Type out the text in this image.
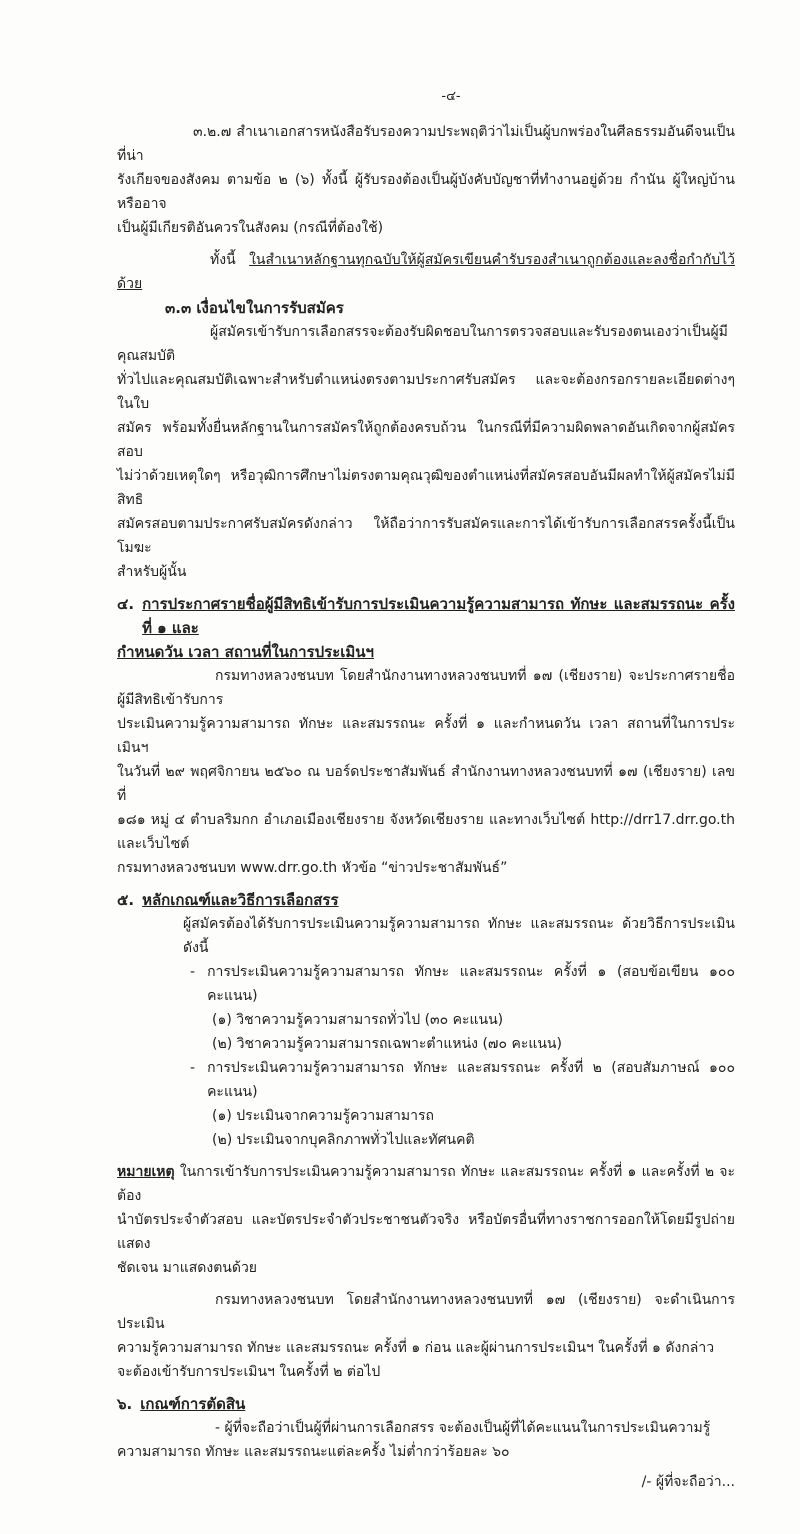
-๔-
๓.๒.๗ สำเนาเอกสารหนังสือรับรองความประพฤติว่าไม่เป็นผู้บกพร่องในศีลธรรมอันดีจนเป็นที่น่า
รังเกียจของสังคม ตามข้อ ๒ (๖) ทั้งนี้ ผู้รับรองต้องเป็นผู้บังคับบัญชาที่ทำงานอยู่ด้วย กำนัน ผู้ใหญ่บ้าน หรืออาจ
เป็นผู้มีเกียรติอันควรในสังคม (กรณีที่ต้องใช้)
ทั้งนี้ ในสำเนาหลักฐานทุกฉบับให้ผู้สมัครเขียนคำรับรองสำเนาถูกต้องและลงชื่อกำกับไว้ด้วย
๓.๓ เงื่อนไขในการรับสมัคร
ผู้สมัครเข้ารับการเลือกสรรจะต้องรับผิดชอบในการตรวจสอบและรับรองตนเองว่าเป็นผู้มีคุณสมบัติ
ทั่วไปและคุณสมบัติเฉพาะสำหรับตำแหน่งตรงตามประกาศรับสมัคร และจะต้องกรอกรายละเอียดต่างๆ ในใบ
สมัคร พร้อมทั้งยื่นหลักฐานในการสมัครให้ถูกต้องครบถ้วน ในกรณีที่มีความผิดพลาดอันเกิดจากผู้สมัครสอบ
ไม่ว่าด้วยเหตุใดๆ หรือวุฒิการศึกษาไม่ตรงตามคุณวุฒิของตำแหน่งที่สมัครสอบอันมีผลทำให้ผู้สมัครไม่มีสิทธิ
สมัครสอบตามประกาศรับสมัครดังกล่าว ให้ถือว่าการรับสมัครและการได้เข้ารับการเลือกสรรครั้งนี้เป็นโมฆะ
สำหรับผู้นั้น
๔. การประกาศรายชื่อผู้มีสิทธิเข้ารับการประเมินความรู้ความสามารถ ทักษะ และสมรรถนะ ครั้งที่ ๑ และ
กำหนดวัน เวลา สถานที่ในการประเมินฯ
กรมทางหลวงชนบท โดยสำนักงานทางหลวงชนบทที่ ๑๗ (เชียงราย) จะประกาศรายชื่อผู้มีสิทธิเข้ารับการ
ประเมินความรู้ความสามารถ ทักษะ และสมรรถนะ ครั้งที่ ๑ และกำหนดวัน เวลา สถานที่ในการประเมินฯ
ในวันที่ ๒๙ พฤศจิกายน ๒๕๖๐ ณ บอร์ดประชาสัมพันธ์ สำนักงานทางหลวงชนบทที่ ๑๗ (เชียงราย) เลขที่
๑๘๑ หมู่ ๔ ตำบลริมกก อำเภอเมืองเชียงราย จังหวัดเชียงราย และทางเว็บไซต์ http://drr17.drr.go.th และเว็บไซต์
กรมทางหลวงชนบท www.drr.go.th หัวข้อ “ข่าวประชาสัมพันธ์”
๕. หลักเกณฑ์และวิธีการเลือกสรร
ผู้สมัครต้องได้รับการประเมินความรู้ความสามารถ ทักษะ และสมรรถนะ ด้วยวิธีการประเมิน ดังนี้
- การประเมินความรู้ความสามารถ ทักษะ และสมรรถนะ ครั้งที่ ๑ (สอบข้อเขียน ๑๐๐ คะแนน)
(๑) วิชาความรู้ความสามารถทั่วไป (๓๐ คะแนน)
(๒) วิชาความรู้ความสามารถเฉพาะตำแหน่ง (๗๐ คะแนน)
- การประเมินความรู้ความสามารถ ทักษะ และสมรรถนะ ครั้งที่ ๒ (สอบสัมภาษณ์ ๑๐๐ คะแนน)
(๑) ประเมินจากความรู้ความสามารถ
(๒) ประเมินจากบุคลิกภาพทั่วไปและทัศนคติ
หมายเหตุ ในการเข้ารับการประเมินความรู้ความสามารถ ทักษะ และสมรรถนะ ครั้งที่ ๑ และครั้งที่ ๒ จะต้อง
นำบัตรประจำตัวสอบ และบัตรประจำตัวประชาชนตัวจริง หรือบัตรอื่นที่ทางราชการออกให้โดยมีรูปถ่ายแสดง
ชัดเจน มาแสดงตนด้วย
กรมทางหลวงชนบท โดยสำนักงานทางหลวงชนบทที่ ๑๗ (เชียงราย) จะดำเนินการประเมิน
ความรู้ความสามารถ ทักษะ และสมรรถนะ ครั้งที่ ๑ ก่อน และผู้ผ่านการประเมินฯ ในครั้งที่ ๑ ดังกล่าว
จะต้องเข้ารับการประเมินฯ ในครั้งที่ ๒ ต่อไป
๖. เกณฑ์การตัดสิน
- ผู้ที่จะถือว่าเป็นผู้ที่ผ่านการเลือกสรร จะต้องเป็นผู้ที่ได้คะแนนในการประเมินความรู้
ความสามารถ ทักษะ และสมรรถนะแต่ละครั้ง ไม่ต่ำกว่าร้อยละ ๖๐
/- ผู้ที่จะถือว่า...
